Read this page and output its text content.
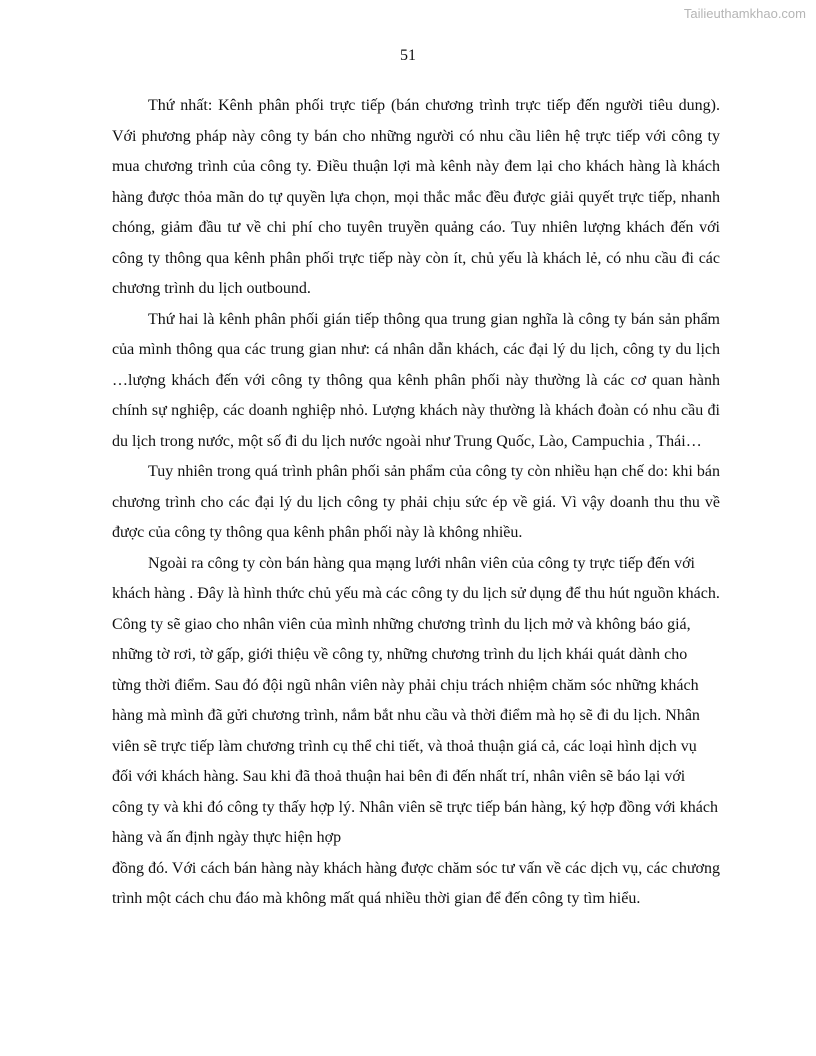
Tailieuthamkhao.com
51

Thứ nhất: Kênh phân phối trực tiếp (bán chương trình trực tiếp đến người tiêu dung). Với phương pháp này công ty bán cho những người có nhu cầu liên hệ trực tiếp với công ty mua chương trình của công ty. Điều thuận lợi mà kênh này đem lại cho khách hàng là khách hàng được thỏa mãn do tự quyền lựa chọn, mọi thắc mắc đều được giải quyết trực tiếp, nhanh chóng, giảm đầu tư về chi phí cho tuyên truyền quảng cáo. Tuy nhiên lượng khách đến với công ty thông qua kênh phân phối trực tiếp này còn ít, chủ yếu là khách lẻ, có nhu cầu đi các chương trình du lịch outbound.

Thứ hai là kênh phân phối gián tiếp thông qua trung gian nghĩa là công ty bán sản phẩm của mình thông qua các trung gian như: cá nhân dẫn khách, các đại lý du lịch, công ty du lịch …lượng khách đến với công ty thông qua kênh phân phối này thường là các cơ quan hành chính sự nghiệp, các doanh nghiệp nhỏ. Lượng khách này thường là khách đoàn có nhu cầu đi du lịch trong nước, một số đi du lịch nước ngoài như Trung Quốc, Lào, Campuchia , Thái…

Tuy nhiên trong quá trình phân phối sản phẩm của công ty còn nhiều hạn chế do: khi bán chương trình cho các đại lý du lịch công ty phải chịu sức ép về giá. Vì vậy doanh thu thu về được của công ty thông qua kênh phân phối này là không nhiều.

Ngoài ra công ty còn bán hàng qua mạng lưới nhân viên của công ty trực tiếp đến với khách hàng . Đây là hình thức chủ yếu mà các công ty du lịch sử dụng để thu hút nguồn khách. Công ty sẽ giao cho nhân viên của mình những chương trình du lịch mở và không báo giá, những tờ rơi, tờ gấp, giới thiệu về công ty, những chương trình du lịch khái quát dành cho từng thời điểm. Sau đó đội ngũ nhân viên này phải chịu trách nhiệm chăm sóc những khách hàng mà mình đã gửi chương trình, nắm bắt nhu cầu và thời điểm mà họ sẽ đi du lịch. Nhân viên sẽ trực tiếp làm chương trình cụ thể chi tiết, và thoả thuận giá cả, các loại hình dịch vụ đối với khách hàng. Sau khi đã thoả thuận hai bên đi đến nhất trí, nhân viên sẽ báo lại với công ty và khi đó công ty thấy hợp lý. Nhân viên sẽ trực tiếp bán hàng, ký hợp đồng với khách hàng và ấn định ngày thực hiện hợp

đồng đó. Với cách bán hàng này khách hàng được chăm sóc tư vấn về các dịch vụ, các chương trình một cách chu đáo mà không mất quá nhiều thời gian để đến công ty tìm hiểu.
